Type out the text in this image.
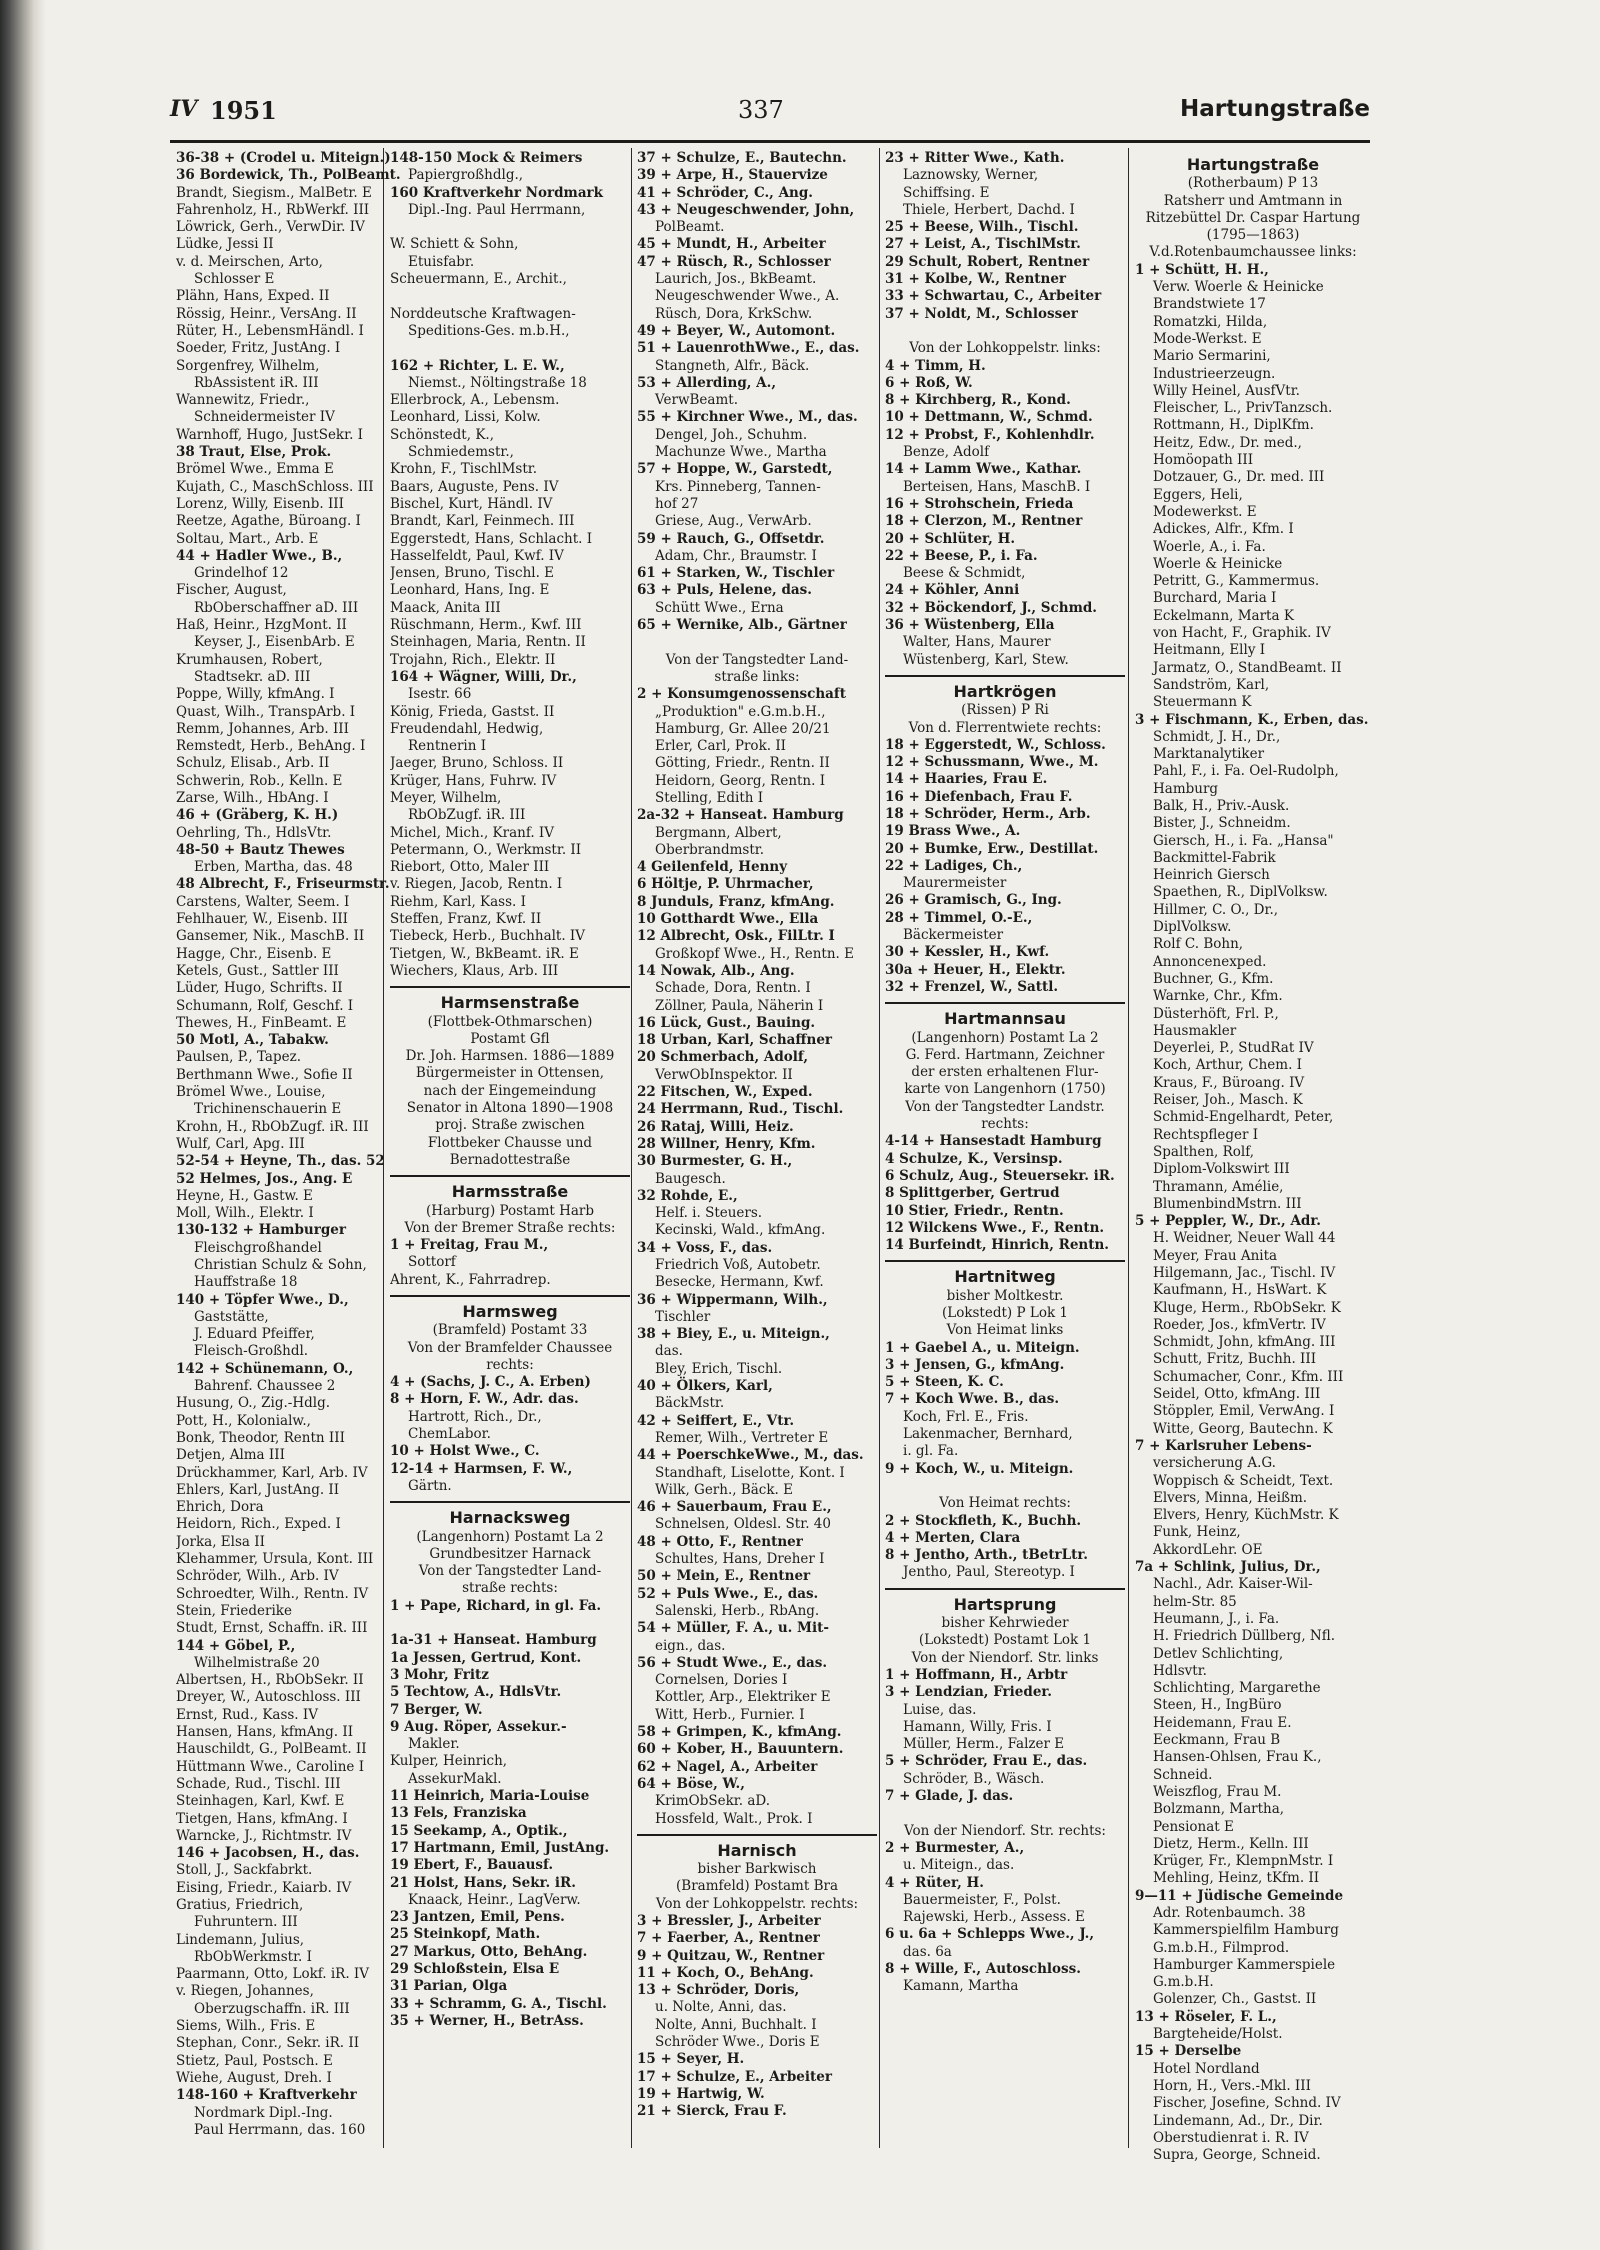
IV 1951	337	Hartungstraße
36-38 + (Crodel u. Miteign.)
36 Bordewick, Th., PolBeamt.
Brandt, Siegism., MalBetr. E
Fahrenholz, H., RbWerkf. III
Löwrick, Gerh., VerwDir. IV
Lüdke, Jessi II
v. d. Meirschen, Arto,
Schlosser E
Plähn, Hans, Exped. II
Rössig, Heinr., VersAng. II
Rüter, H., LebensmHändl. I
Soeder, Fritz, JustAng. I
Sorgenfrey, Wilhelm,
RbAssistent iR. III
Wannewitz, Friedr.,
Schneidermeister IV
Warnhoff, Hugo, JustSekr. I
38 Traut, Else, Prok.
Brömel Wwe., Emma E
Kujath, C., MaschSchloss. III
Lorenz, Willy, Eisenb. III
Reetze, Agathe, Büroang. I
Soltau, Mart., Arb. E
44 + Hadler Wwe., B.,
Grindelhof 12
Fischer, August,
RbOberschaffner aD. III
Haß, Heinr., HzgMont. II
Keyser, J., EisenbArb. E
Krumhausen, Robert,
Stadtsekr. aD. III
Poppe, Willy, kfmAng. I
Quast, Wilh., TranspArb. I
Remm, Johannes, Arb. III
Remstedt, Herb., BehAng. I
Schulz, Elisab., Arb. II
Schwerin, Rob., Kelln. E
Zarse, Wilh., HbAng. I
46 + (Gräberg, K. H.)
Oehrling, Th., HdlsVtr.
48-50 + Bautz Thewes
Erben, Martha, das. 48
48 Albrecht, F., Friseurmstr.
Carstens, Walter, Seem. I
Fehlhauer, W., Eisenb. III
Gansemer, Nik., MaschB. II
Hagge, Chr., Eisenb. E
Ketels, Gust., Sattler III
Lüder, Hugo, Schrifts. II
Schumann, Rolf, Geschf. I
Thewes, H., FinBeamt. E
50 Motl, A., Tabakw.
Paulsen, P., Tapez.
Berthmann Wwe., Sofie II
Brömel Wwe., Louise,
Trichinenschauerin E
Krohn, H., RbObZugf. iR. III
Wulf, Carl, Apg. III
52-54 + Heyne, Th., das. 52
52 Helmes, Jos., Ang. E
Heyne, H., Gastw. E
Moll, Wilh., Elektr. I
130-132 + Hamburger
Fleischgroßhandel
Christian Schulz & Sohn,
Hauffstraße 18
140 + Töpfer Wwe., D.,
Gaststätte,
J. Eduard Pfeiffer,
Fleisch-Großhdl.
142 + Schünemann, O.,
Bahrenf. Chaussee 2
Husung, O., Zig.-Hdlg.
Pott, H., Kolonialw.,
Bonk, Theodor, Rentn III
Detjen, Alma III
Drückhammer, Karl, Arb. IV
Ehlers, Karl, JustAng. II
Ehrich, Dora
Heidorn, Rich., Exped. I
Jorka, Elsa II
Klehammer, Ursula, Kont. III
Schröder, Wilh., Arb. IV
Schroedter, Wilh., Rentn. IV
Stein, Friederike
Studt, Ernst, Schaffn. iR. III
144 + Göbel, P.,
Wilhelmistraße 20
Albertsen, H., RbObSekr. II
Dreyer, W., Autoschloss. III
Ernst, Rud., Kass. IV
Hansen, Hans, kfmAng. II
Hauschildt, G., PolBeamt. II
Hüttmann Wwe., Caroline I
Schade, Rud., Tischl. III
Steinhagen, Karl, Kwf. E
Tietgen, Hans, kfmAng. I
Warncke, J., Richtmstr. IV
146 + Jacobsen, H., das.
Stoll, J., Sackfabrkt.
Eising, Friedr., Kaiarb. IV
Gratius, Friedrich,
Fuhruntern. III
Lindemann, Julius,
RbObWerkmstr. I
Paarmann, Otto, Lokf. iR. IV
v. Riegen, Johannes,
Oberzugschaffn. iR. III
Siems, Wilh., Fris. E
Stephan, Conr., Sekr. iR. II
Stietz, Paul, Postsch. E
Wiehe, August, Dreh. I
148-160 + Kraftverkehr
Nordmark Dipl.-Ing.
Paul Herrmann, das. 160
148-150 Mock & Reimers
Papiergroßhdlg.,
160 Kraftverkehr Nordmark
Dipl.-Ing. Paul Herrmann,

W. Schiett & Sohn,
Etuisfabr.
Scheuermann, E., Archit.,

Norddeutsche Kraftwagen-
Speditions-Ges. m.b.H.,

162 + Richter, L. E. W.,
Niemst., Nöltingstraße 18
Ellerbrock, A., Lebensm.
Leonhard, Lissi, Kolw.
Schönstedt, K.,
Schmiedemstr.,
Krohn, F., TischlMstr.
Baars, Auguste, Pens. IV
Bischel, Kurt, Händl. IV
Brandt, Karl, Feinmech. III
Eggerstedt, Hans, Schlacht. I
Hasselfeldt, Paul, Kwf. IV
Jensen, Bruno, Tischl. E
Leonhard, Hans, Ing. E
Maack, Anita III
Rüschmann, Herm., Kwf. III
Steinhagen, Maria, Rentn. II
Trojahn, Rich., Elektr. II
164 + Wägner, Willi, Dr.,
Isestr. 66
König, Frieda, Gastst. II
Freudendahl, Hedwig,
Rentnerin I
Jaeger, Bruno, Schloss. II
Krüger, Hans, Fuhrw. IV
Meyer, Wilhelm,
RbObZugf. iR. III
Michel, Mich., Kranf. IV
Petermann, O., Werkmstr. II
Riebort, Otto, Maler III
v. Riegen, Jacob, Rentn. I
Riehm, Karl, Kass. I
Steffen, Franz, Kwf. II
Tiebeck, Herb., Buchhalt. IV
Tietgen, W., BkBeamt. iR. E
Wiechers, Klaus, Arb. III
Harmsenstraße
(Flottbek-Othmarschen)
Postamt Gfl
Dr. Joh. Harmsen. 1886—1889
Bürgermeister in Ottensen,
nach der Eingemeindung
Senator in Altona 1890—1908
proj. Straße zwischen
Flottbeker Chausse und
Bernadottestraße
Harmsstraße
(Harburg) Postamt Harb
Von der Bremer Straße rechts:
1 + Freitag, Frau M.,
Sottorf
Ahrent, K., Fahrradrep.
Harmsweg
(Bramfeld) Postamt 33
Von der Bramfelder Chaussee
rechts:
4 + (Sachs, J. C., A. Erben)
8 + Horn, F. W., Adr. das.
Hartrott, Rich., Dr.,
ChemLabor.
10 + Holst Wwe., C.
12-14 + Harmsen, F. W.,
Gärtn.
Harnacksweg
(Langenhorn) Postamt La 2
Grundbesitzer Harnack
Von der Tangstedter Land-
straße rechts:
1 + Pape, Richard, in gl. Fa.

1a-31 + Hanseat. Hamburg
1a Jessen, Gertrud, Kont.
3 Mohr, Fritz
5 Techtow, A., HdlsVtr.
7 Berger, W.
9 Aug. Röper, Assekur.-
Makler.
Kulper, Heinrich,
AssekurMakl.
11 Heinrich, Maria-Louise
13 Fels, Franziska
15 Seekamp, A., Optik.,
17 Hartmann, Emil, JustAng.
19 Ebert, F., Bauausf.
21 Holst, Hans, Sekr. iR.
Knaack, Heinr., LagVerw.
23 Jantzen, Emil, Pens.
25 Steinkopf, Math.
27 Markus, Otto, BehAng.
29 Schloßstein, Elsa E
31 Parian, Olga
33 + Schramm, G. A., Tischl.
35 + Werner, H., BetrAss.
37 + Schulze, E., Bautechn.
39 + Arpe, H., Stauervize
41 + Schröder, C., Ang.
43 + Neugeschwender, John,
PolBeamt.
45 + Mundt, H., Arbeiter
47 + Rüsch, R., Schlosser
Laurich, Jos., BkBeamt.
Neugeschwender Wwe., A.
Rüsch, Dora, KrkSchw.
49 + Beyer, W., Automont.
51 + LauenrothWwe., E., das.
Stangneth, Alfr., Bäck.
53 + Allerding, A.,
VerwBeamt.
55 + Kirchner Wwe., M., das.
Dengel, Joh., Schuhm.
Machunze Wwe., Martha
57 + Hoppe, W., Garstedt,
Krs. Pinneberg, Tannen-
hof 27
Griese, Aug., VerwArb.
59 + Rauch, G., Offsetdr.
Adam, Chr., Braumstr. I
61 + Starken, W., Tischler
63 + Puls, Helene, das.
Schütt Wwe., Erna
65 + Wernike, Alb., Gärtner

Von der Tangstedter Land-
straße links:
2 + Konsumgenossenschaft
„Produktion" e.G.m.b.H.,
Hamburg, Gr. Allee 20/21
Erler, Carl, Prok. II
Götting, Friedr., Rentn. II
Heidorn, Georg, Rentn. I
Stelling, Edith I
2a-32 + Hanseat. Hamburg
Bergmann, Albert,
Oberbrandmstr.
4 Geilenfeld, Henny
6 Höltje, P. Uhrmacher,
8 Junduls, Franz, kfmAng.
10 Gotthardt Wwe., Ella
12 Albrecht, Osk., FilLtr. I
Großkopf Wwe., H., Rentn. E
14 Nowak, Alb., Ang.
Schade, Dora, Rentn. I
Zöllner, Paula, Näherin I
16 Lück, Gust., Bauing.
18 Urban, Karl, Schaffner
20 Schmerbach, Adolf,
VerwObInspektor. II
22 Fitschen, W., Exped.
24 Herrmann, Rud., Tischl.
26 Rataj, Willi, Heiz.
28 Willner, Henry, Kfm.
30 Burmester, G. H.,
Baugesch.
32 Rohde, E.,
Helf. i. Steuers.
Kecinski, Wald., kfmAng.
34 + Voss, F., das.
Friedrich Voß, Autobetr.
Besecke, Hermann, Kwf.
36 + Wippermann, Wilh.,
Tischler
38 + Biey, E., u. Miteign.,
das.
Bley, Erich, Tischl.
40 + Ölkers, Karl,
BäckMstr.
42 + Seiffert, E., Vtr.
Remer, Wilh., Vertreter E
44 + PoerschkeWwe., M., das.
Standhaft, Liselotte, Kont. I
Wilk, Gerh., Bäck. E
46 + Sauerbaum, Frau E.,
Schnelsen, Oldesl. Str. 40
48 + Otto, F., Rentner
Schultes, Hans, Dreher I
50 + Mein, E., Rentner
52 + Puls Wwe., E., das.
Salenski, Herb., RbAng.
54 + Müller, F. A., u. Mit-
eign., das.
56 + Studt Wwe., E., das.
Cornelsen, Dories I
Kottler, Arp., Elektriker E
Witt, Herb., Furnier. I
58 + Grimpen, K., kfmAng.
60 + Kober, H., Bauuntern.
62 + Nagel, A., Arbeiter
64 + Böse, W.,
KrimObSekr. aD.
Hossfeld, Walt., Prok. I
Harnisch
bisher Barkwisch
(Bramfeld) Postamt Bra
Von der Lohkoppelstr. rechts:
3 + Bressler, J., Arbeiter
7 + Faerber, A., Rentner
9 + Quitzau, W., Rentner
11 + Koch, O., BehAng.
13 + Schröder, Doris,
u. Nolte, Anni, das.
Nolte, Anni, Buchhalt. I
Schröder Wwe., Doris E
15 + Seyer, H.
17 + Schulze, E., Arbeiter
19 + Hartwig, W.
21 + Sierck, Frau F.
23 + Ritter Wwe., Kath.
Laznowsky, Werner,
Schiffsing. E
Thiele, Herbert, Dachd. I
25 + Beese, Wilh., Tischl.
27 + Leist, A., TischlMstr.
29 Schult, Robert, Rentner
31 + Kolbe, W., Rentner
33 + Schwartau, C., Arbeiter
37 + Noldt, M., Schlosser

Von der Lohkoppelstr. links:
4 + Timm, H.
6 + Roß, W.
8 + Kirchberg, R., Kond.
10 + Dettmann, W., Schmd.
12 + Probst, F., Kohlenhdlr.
Benze, Adolf
14 + Lamm Wwe., Kathar.
Berteisen, Hans, MaschB. I
16 + Strohschein, Frieda
18 + Clerzon, M., Rentner
20 + Schlüter, H.
22 + Beese, P., i. Fa.
Beese & Schmidt,
24 + Köhler, Anni
32 + Böckendorf, J., Schmd.
36 + Wüstenberg, Ella
Walter, Hans, Maurer
Wüstenberg, Karl, Stew.
Hartkrögen
(Rissen) P Ri
Von d. Flerrentwiete rechts:
18 + Eggerstedt, W., Schloss.
12 + Schussmann, Wwe., M.
14 + Haaries, Frau E.
16 + Diefenbach, Frau F.
18 + Schröder, Herm., Arb.
19 Brass Wwe., A.
20 + Bumke, Erw., Destillat.
22 + Ladiges, Ch.,
Maurermeister
26 + Gramisch, G., Ing.
28 + Timmel, O.-E.,
Bäckermeister
30 + Kessler, H., Kwf.
30a + Heuer, H., Elektr.
32 + Frenzel, W., Sattl.
Hartmannsau
(Langenhorn) Postamt La 2
G. Ferd. Hartmann, Zeichner
der ersten erhaltenen Flur-
karte von Langenhorn (1750)
Von der Tangstedter Landstr.
rechts:
4-14 + Hansestadt Hamburg
4 Schulze, K., Versinsp.
6 Schulz, Aug., Steuersekr. iR.
8 Splittgerber, Gertrud
10 Stier, Friedr., Rentn.
12 Wilckens Wwe., F., Rentn.
14 Burfeindt, Hinrich, Rentn.
Hartnitweg
bisher Moltkestr.
(Lokstedt) P Lok 1
Von Heimat links
1 + Gaebel A., u. Miteign.
3 + Jensen, G., kfmAng.
5 + Steen, K. C.
7 + Koch Wwe. B., das.
Koch, Frl. E., Fris.
Lakenmacher, Bernhard,
i. gl. Fa.
9 + Koch, W., u. Miteign.

Von Heimat rechts:
2 + Stockfleth, K., Buchh.
4 + Merten, Clara
8 + Jentho, Arth., tBetrLtr.
Jentho, Paul, Stereotyp. I
Hartsprung
bisher Kehrwieder
(Lokstedt) Postamt Lok 1
Von der Niendorf. Str. links
1 + Hoffmann, H., Arbtr
3 + Lendzian, Frieder.
Luise, das.
Hamann, Willy, Fris. I
Müller, Herm., Falzer E
5 + Schröder, Frau E., das.
Schröder, B., Wäsch.
7 + Glade, J. das.

Von der Niendorf. Str. rechts:
2 + Burmester, A.,
u. Miteign., das.
4 + Rüter, H.
Bauermeister, F., Polst.
Rajewski, Herb., Assess. E
6 u. 6a + Schlepps Wwe., J.,
das. 6a
8 + Wille, F., Autoschloss.
Kamann, Martha
Hartungstraße
(Rotherbaum) P 13
Ratsherr und Amtmann in
Ritzebüttel Dr. Caspar Hartung
(1795—1863)
V.d.Rotenbaumchaussee links:
1 + Schütt, H. H.,
Verw. Woerle & Heinicke
Brandstwiete 17
Romatzki, Hilda,
Mode-Werkst. E
Mario Sermarini,
Industrieerzeugn.
Willy Heinel, AusfVtr.
Fleischer, L., PrivTanzsch.
Rottmann, H., DiplKfm.
Heitz, Edw., Dr. med.,
Homöopath III
Dotzauer, G., Dr. med. III
Eggers, Heli,
Modewerkst. E
Adickes, Alfr., Kfm. I
Woerle, A., i. Fa.
Woerle & Heinicke
Petritt, G., Kammermus.
Burchard, Maria I
Eckelmann, Marta K
von Hacht, F., Graphik. IV
Heitmann, Elly I
Jarmatz, O., StandBeamt. II
Sandström, Karl,
Steuermann K
3 + Fischmann, K., Erben, das.
Schmidt, J. H., Dr.,
Marktanalytiker
Pahl, F., i. Fa. Oel-Rudolph,
Hamburg
Balk, H., Priv.-Ausk.
Bister, J., Schneidm.
Giersch, H., i. Fa. „Hansa"
Backmittel-Fabrik
Heinrich Giersch
Spaethen, R., DiplVolksw.
Hillmer, C. O., Dr.,
DiplVolksw.
Rolf C. Bohn,
Annoncenexped.
Buchner, G., Kfm.
Warnke, Chr., Kfm.
Düsterhöft, Frl. P.,
Hausmakler
Deyerlei, P., StudRat IV
Koch, Arthur, Chem. I
Kraus, F., Büroang. IV
Reiser, Joh., Masch. K
Schmid-Engelhardt, Peter,
Rechtspfleger I
Spalthen, Rolf,
Diplom-Volkswirt III
Thramann, Amélie,
BlumenbindMstrn. III
5 + Peppler, W., Dr., Adr.
H. Weidner, Neuer Wall 44
Meyer, Frau Anita
Hilgemann, Jac., Tischl. IV
Kaufmann, H., HsWart. K
Kluge, Herm., RbObSekr. K
Roeder, Jos., kfmVertr. IV
Schmidt, John, kfmAng. III
Schutt, Fritz, Buchh. III
Schumacher, Conr., Kfm. III
Seidel, Otto, kfmAng. III
Stöppler, Emil, VerwAng. I
Witte, Georg, Bautechn. K
7 + Karlsruher Lebens-
versicherung A.G.
Woppisch & Scheidt, Text.
Elvers, Minna, Heißm.
Elvers, Henry, KüchMstr. K
Funk, Heinz,
AkkordLehr. OE
7a + Schlink, Julius, Dr.,
Nachl., Adr. Kaiser-Wil-
helm-Str. 85
Heumann, J., i. Fa.
H. Friedrich Düllberg, Nfl.
Detlev Schlichting,
Hdlsvtr.
Schlichting, Margarethe
Steen, H., IngBüro
Heidemann, Frau E.
Eeckmann, Frau B
Hansen-Ohlsen, Frau K.,
Schneid.
Weiszflog, Frau M.
Bolzmann, Martha,
Pensionat E
Dietz, Herm., Kelln. III
Krüger, Fr., KlempnMstr. I
Mehling, Heinz, tKfm. II
9—11 + Jüdische Gemeinde
Adr. Rotenbaumch. 38
Kammerspielfilm Hamburg
G.m.b.H., Filmprod.
Hamburger Kammerspiele
G.m.b.H.
Golenzer, Ch., Gastst. II
13 + Röseler, F. L.,
Bargteheide/Holst.
15 + Derselbe
Hotel Nordland
Horn, H., Vers.-Mkl. III
Fischer, Josefine, Schnd. IV
Lindemann, Ad., Dr., Dir.
Oberstudienrat i. R. IV
Supra, George, Schneid.
